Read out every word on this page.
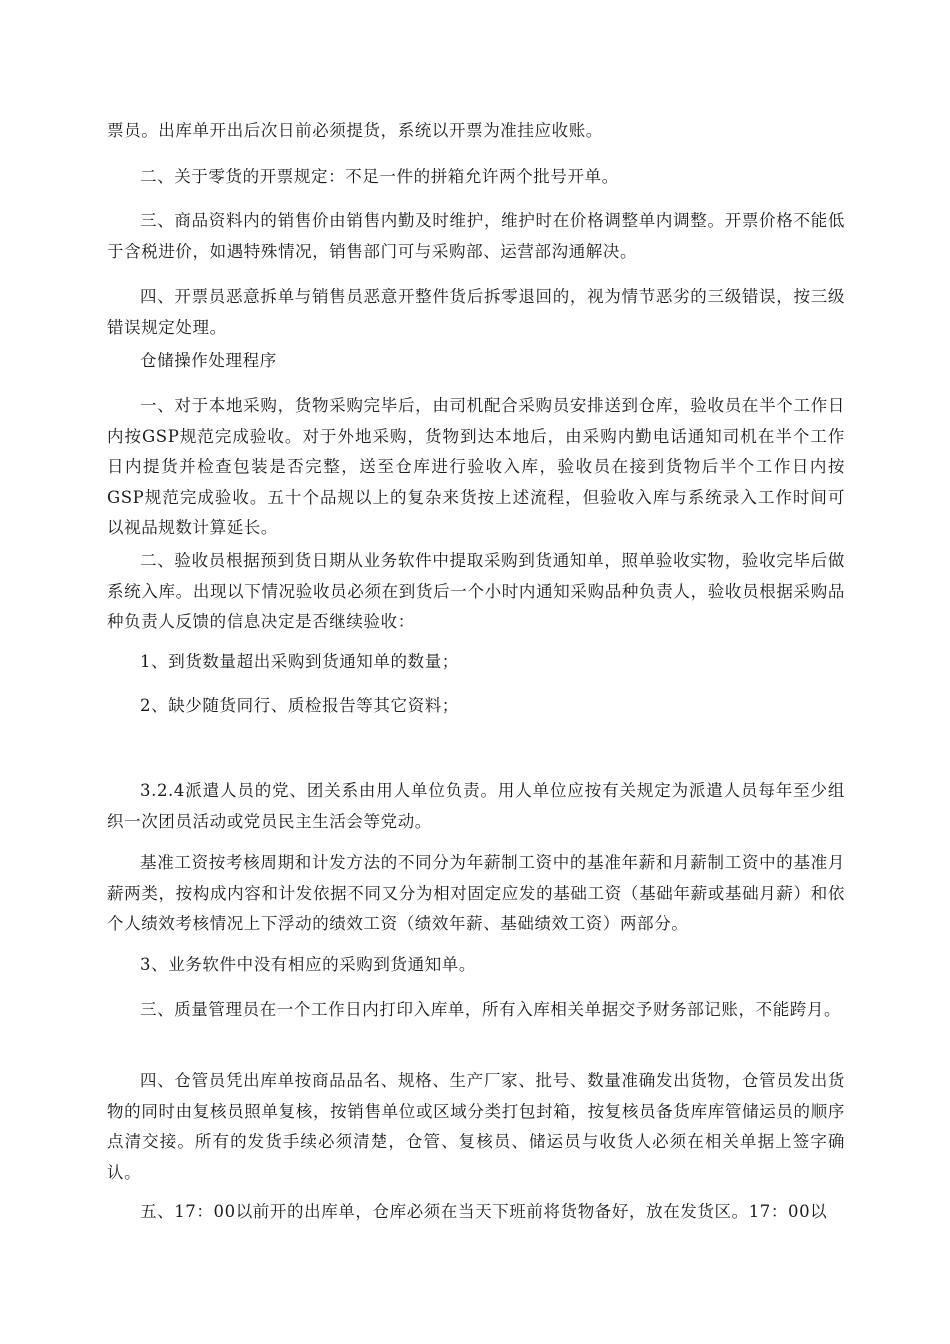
票员。出库单开出后次日前必须提货，系统以开票为准挂应收账。

二、关于零货的开票规定：不足一件的拼箱允许两个批号开单。

三、商品资料内的销售价由销售内勤及时维护，维护时在价格调整单内调整。开票价格不能低于含税进价，如遇特殊情况，销售部门可与采购部、运营部沟通解决。

四、开票员恶意拆单与销售员恶意开整件货后拆零退回的，视为情节恶劣的三级错误，按三级错误规定处理。

仓储操作处理程序

一、对于本地采购，货物采购完毕后，由司机配合采购员安排送到仓库，验收员在半个工作日内按GSP规范完成验收。对于外地采购，货物到达本地后，由采购内勤电话通知司机在半个工作日内提货并检查包装是否完整，送至仓库进行验收入库，验收员在接到货物后半个工作日内按GSP规范完成验收。五十个品规以上的复杂来货按上述流程，但验收入库与系统录入工作时间可以视品规数计算延长。

二、验收员根据预到货日期从业务软件中提取采购到货通知单，照单验收实物，验收完毕后做系统入库。出现以下情况验收员必须在到货后一个小时内通知采购品种负责人，验收员根据采购品种负责人反馈的信息决定是否继续验收：

1、到货数量超出采购到货通知单的数量；

2、缺少随货同行、质检报告等其它资料；

3.2.4派遣人员的党、团关系由用人单位负责。用人单位应按有关规定为派遣人员每年至少组织一次团员活动或党员民主生活会等党动。

基准工资按考核周期和计发方法的不同分为年薪制工资中的基准年薪和月薪制工资中的基准月薪两类，按构成内容和计发依据不同又分为相对固定应发的基础工资（基础年薪或基础月薪）和依个人绩效考核情况上下浮动的绩效工资（绩效年薪、基础绩效工资）两部分。

3、业务软件中没有相应的采购到货通知单。

三、质量管理员在一个工作日内打印入库单，所有入库相关单据交予财务部记账，不能跨月。

四、仓管员凭出库单按商品品名、规格、生产厂家、批号、数量准确发出货物，仓管员发出货物的同时由复核员照单复核，按销售单位或区域分类打包封箱，按复核员备货库库管储运员的顺序点清交接。所有的发货手续必须清楚，仓管、复核员、储运员与收货人必须在相关单据上签字确认。

五、17：00以前开的出库单，仓库必须在当天下班前将货物备好，放在发货区。17：00以
